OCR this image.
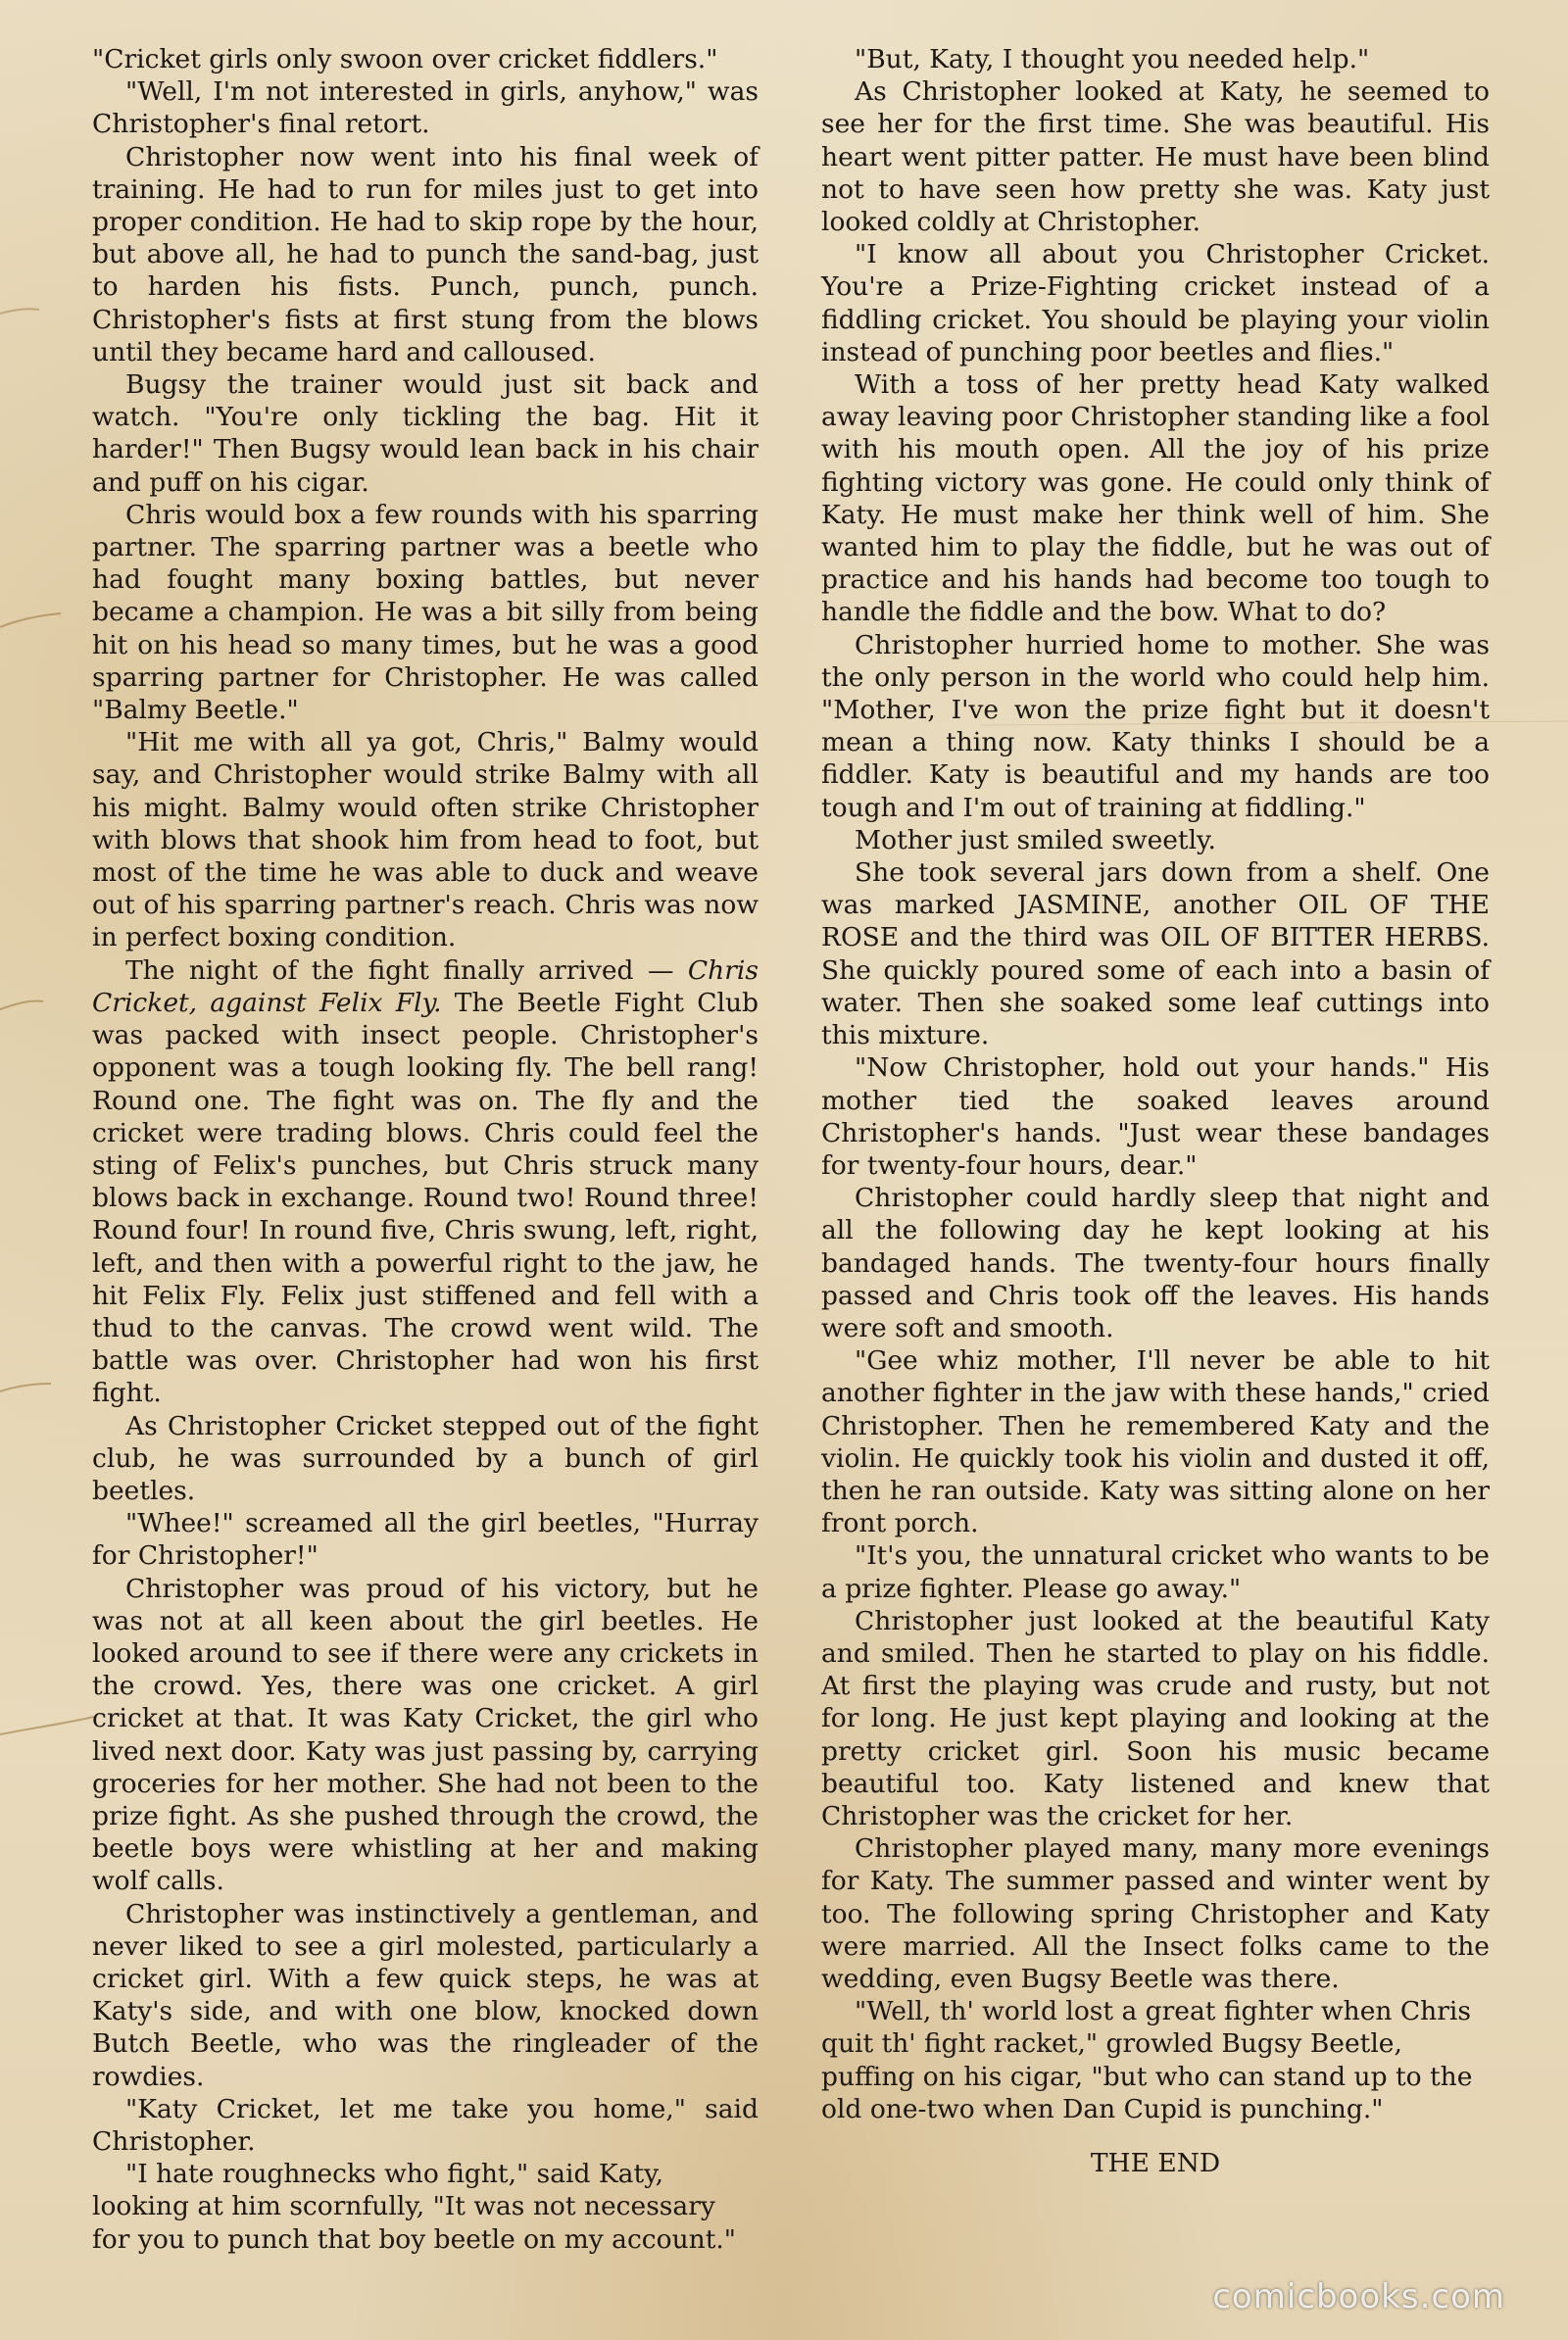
"Cricket girls only swoon over cricket fiddlers."

"Well, I'm not interested in girls, anyhow," was Christopher's final retort.

Christopher now went into his final week of training. He had to run for miles just to get into proper condition. He had to skip rope by the hour, but above all, he had to punch the sand-bag, just to harden his fists. Punch, punch, punch. Christopher's fists at first stung from the blows until they became hard and calloused.

Bugsy the trainer would just sit back and watch. "You're only tickling the bag. Hit it harder!" Then Bugsy would lean back in his chair and puff on his cigar.

Chris would box a few rounds with his sparring partner. The sparring partner was a beetle who had fought many boxing battles, but never became a champion. He was a bit silly from being hit on his head so many times, but he was a good sparring partner for Christopher. He was called "Balmy Beetle."

"Hit me with all ya got, Chris," Balmy would say, and Christopher would strike Balmy with all his might. Balmy would often strike Christopher with blows that shook him from head to foot, but most of the time he was able to duck and weave out of his sparring partner's reach. Chris was now in perfect boxing condition.

The night of the fight finally arrived — Chris Cricket, against Felix Fly. The Beetle Fight Club was packed with insect people. Christopher's opponent was a tough looking fly. The bell rang! Round one. The fight was on. The fly and the cricket were trading blows. Chris could feel the sting of Felix's punches, but Chris struck many blows back in exchange. Round two! Round three! Round four! In round five, Chris swung, left, right, left, and then with a powerful right to the jaw, he hit Felix Fly. Felix just stiffened and fell with a thud to the canvas. The crowd went wild. The battle was over. Christopher had won his first fight.

As Christopher Cricket stepped out of the fight club, he was surrounded by a bunch of girl beetles.

"Whee!" screamed all the girl beetles, "Hurray for Christopher!"

Christopher was proud of his victory, but he was not at all keen about the girl beetles. He looked around to see if there were any crickets in the crowd. Yes, there was one cricket. A girl cricket at that. It was Katy Cricket, the girl who lived next door. Katy was just passing by, carrying groceries for her mother. She had not been to the prize fight. As she pushed through the crowd, the beetle boys were whistling at her and making wolf calls.

Christopher was instinctively a gentleman, and never liked to see a girl molested, particularly a cricket girl. With a few quick steps, he was at Katy's side, and with one blow, knocked down Butch Beetle, who was the ringleader of the rowdies.

"Katy Cricket, let me take you home," said Christopher.

"I hate roughnecks who fight," said Katy, looking at him scornfully, "It was not necessary for you to punch that boy beetle on my account."

"But, Katy, I thought you needed help."

As Christopher looked at Katy, he seemed to see her for the first time. She was beautiful. His heart went pitter patter. He must have been blind not to have seen how pretty she was. Katy just looked coldly at Christopher.

"I know all about you Christopher Cricket. You're a Prize-Fighting cricket instead of a fiddling cricket. You should be playing your violin instead of punching poor beetles and flies."

With a toss of her pretty head Katy walked away leaving poor Christopher standing like a fool with his mouth open. All the joy of his prize fighting victory was gone. He could only think of Katy. He must make her think well of him. She wanted him to play the fiddle, but he was out of practice and his hands had become too tough to handle the fiddle and the bow. What to do?

Christopher hurried home to mother. She was the only person in the world who could help him. "Mother, I've won the prize fight but it doesn't mean a thing now. Katy thinks I should be a fiddler. Katy is beautiful and my hands are too tough and I'm out of training at fiddling."

Mother just smiled sweetly.

She took several jars down from a shelf. One was marked JASMINE, another OIL OF THE ROSE and the third was OIL OF BITTER HERBS. She quickly poured some of each into a basin of water. Then she soaked some leaf cuttings into this mixture.

"Now Christopher, hold out your hands." His mother tied the soaked leaves around Christopher's hands. "Just wear these bandages for twenty-four hours, dear."

Christopher could hardly sleep that night and all the following day he kept looking at his bandaged hands. The twenty-four hours finally passed and Chris took off the leaves. His hands were soft and smooth.

"Gee whiz mother, I'll never be able to hit another fighter in the jaw with these hands," cried Christopher. Then he remembered Katy and the violin. He quickly took his violin and dusted it off, then he ran outside. Katy was sitting alone on her front porch.

"It's you, the unnatural cricket who wants to be a prize fighter. Please go away."

Christopher just looked at the beautiful Katy and smiled. Then he started to play on his fiddle. At first the playing was crude and rusty, but not for long. He just kept playing and looking at the pretty cricket girl. Soon his music became beautiful too. Katy listened and knew that Christopher was the cricket for her.

Christopher played many, many more evenings for Katy. The summer passed and winter went by too. The following spring Christopher and Katy were married. All the Insect folks came to the wedding, even Bugsy Beetle was there.

"Well, th' world lost a great fighter when Chris quit th' fight racket," growled Bugsy Beetle, puffing on his cigar, "but who can stand up to the old one-two when Dan Cupid is punching."

THE END

comicbooks.com
